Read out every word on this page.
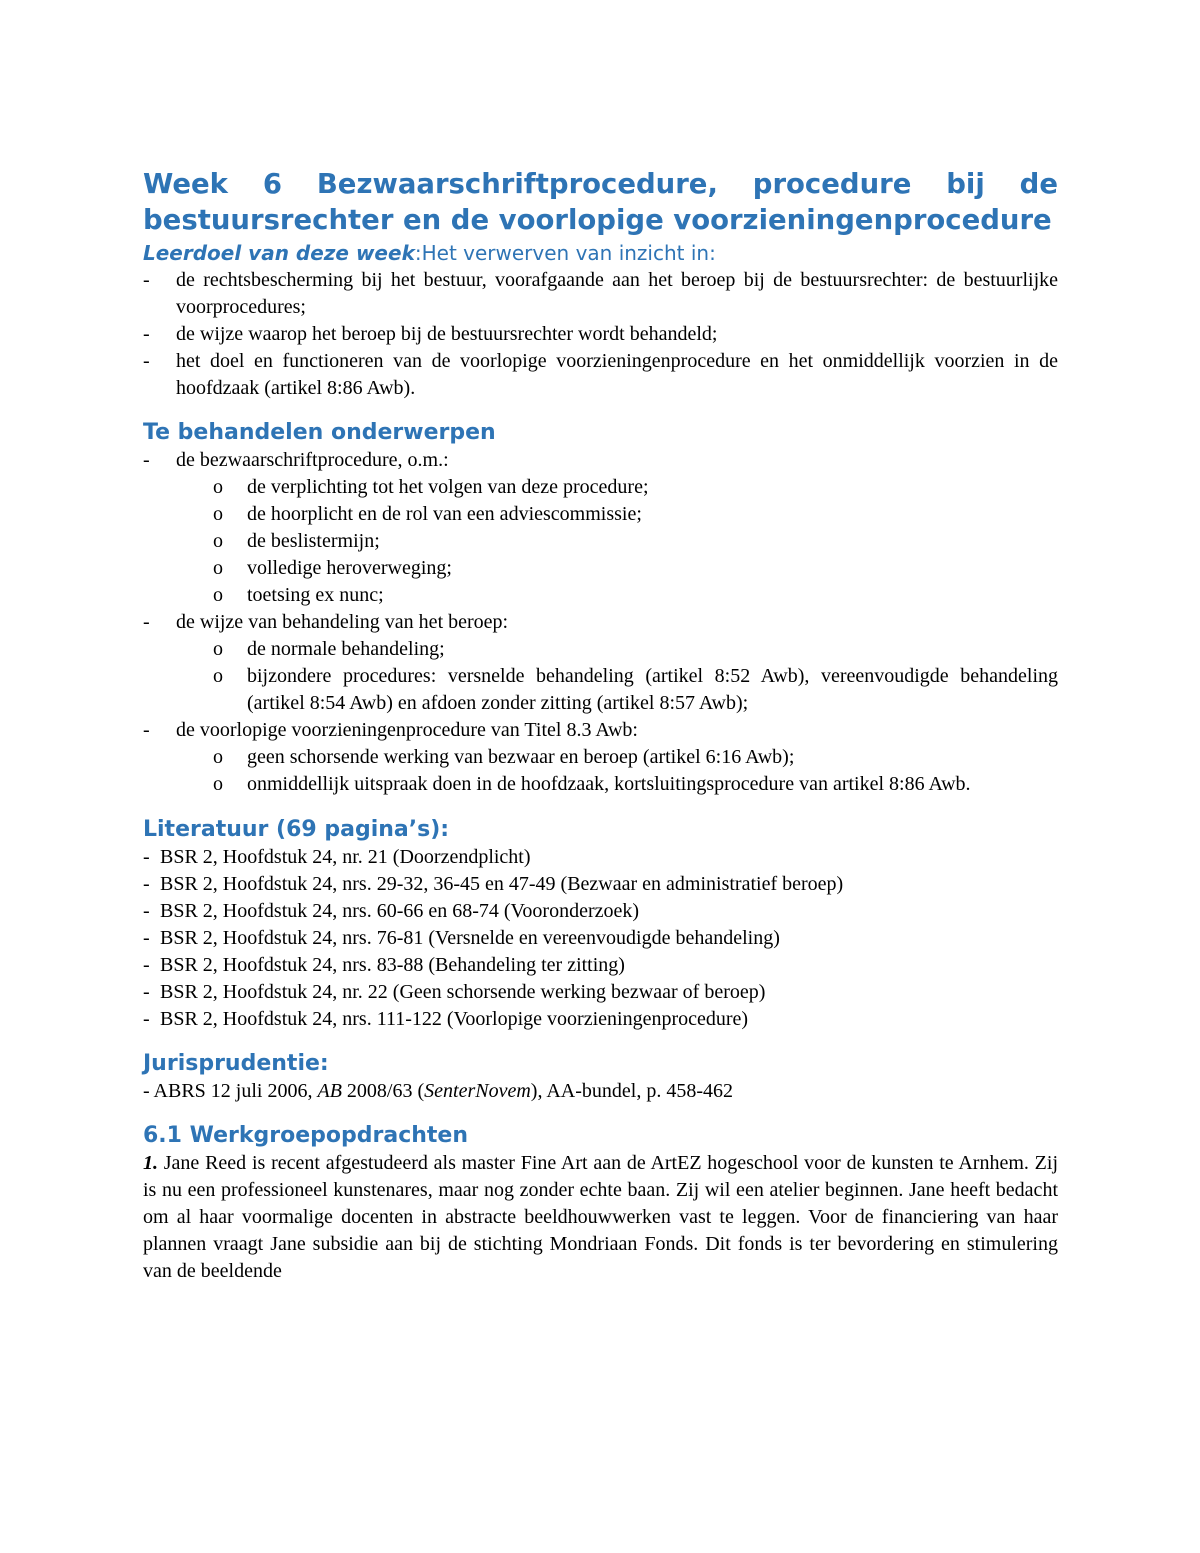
Week 6 Bezwaarschriftprocedure, procedure bij de
bestuursrechter en de voorlopige voorzieningenprocedure
Leerdoel van deze week:Het verwerven van inzicht in:
- de rechtsbescherming bij het bestuur, voorafgaande aan het beroep bij de bestuursrechter: de bestuurlijke voorprocedures;
- de wijze waarop het beroep bij de bestuursrechter wordt behandeld;
- het doel en functioneren van de voorlopige voorzieningenprocedure en het onmiddellijk voorzien in de hoofdzaak (artikel 8:86 Awb).
Te behandelen onderwerpen
- de bezwaarschriftprocedure, o.m.:
o de verplichting tot het volgen van deze procedure;
o de hoorplicht en de rol van een adviescommissie;
o de beslistermijn;
o volledige heroverweging;
o toetsing ex nunc;
- de wijze van behandeling van het beroep:
o de normale behandeling;
o bijzondere procedures: versnelde behandeling (artikel 8:52 Awb), vereenvoudigde behandeling (artikel 8:54 Awb) en afdoen zonder zitting (artikel 8:57 Awb);
- de voorlopige voorzieningenprocedure van Titel 8.3 Awb:
o geen schorsende werking van bezwaar en beroep (artikel 6:16 Awb);
o onmiddellijk uitspraak doen in de hoofdzaak, kortsluitingsprocedure van artikel 8:86 Awb.
Literatuur (69 pagina’s):
- BSR 2, Hoofdstuk 24, nr. 21 (Doorzendplicht)
- BSR 2, Hoofdstuk 24, nrs. 29-32, 36-45 en 47-49 (Bezwaar en administratief beroep)
- BSR 2, Hoofdstuk 24, nrs. 60-66 en 68-74 (Vooronderzoek)
- BSR 2, Hoofdstuk 24, nrs. 76-81 (Versnelde en vereenvoudigde behandeling)
- BSR 2, Hoofdstuk 24, nrs. 83-88 (Behandeling ter zitting)
- BSR 2, Hoofdstuk 24, nr. 22 (Geen schorsende werking bezwaar of beroep)
- BSR 2, Hoofdstuk 24, nrs. 111-122 (Voorlopige voorzieningenprocedure)
Jurisprudentie:
- ABRS 12 juli 2006, AB 2008/63 (SenterNovem), AA-bundel, p. 458-462
6.1 Werkgroepopdrachten
1. Jane Reed is recent afgestudeerd als master Fine Art aan de ArtEZ hogeschool voor de kunsten te Arnhem. Zij is nu een professioneel kunstenares, maar nog zonder echte baan. Zij wil een atelier beginnen. Jane heeft bedacht om al haar voormalige docenten in abstracte beeldhouwwerken vast te leggen. Voor de financiering van haar plannen vraagt Jane subsidie aan bij de stichting Mondriaan Fonds. Dit fonds is ter bevordering en stimulering van de beeldende
